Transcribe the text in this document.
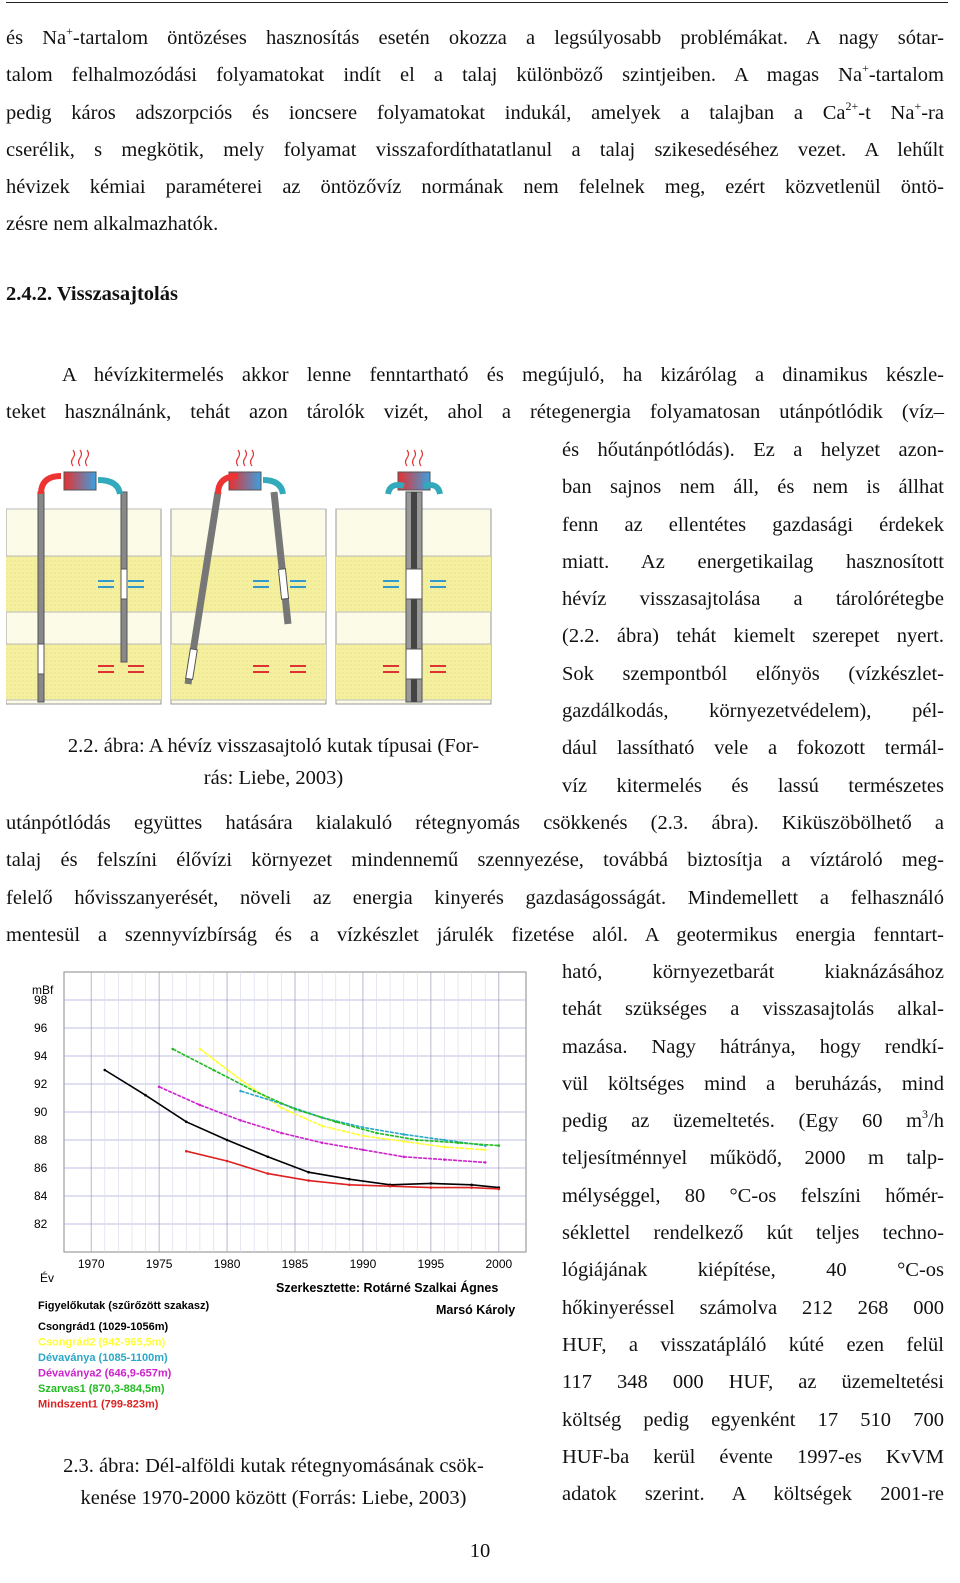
és Na+-tartalom öntözéses hasznosítás esetén okozza a legsúlyosabb problémákat. A nagy sótar-
talom felhalmozódási folyamatokat indít el a talaj különböző szintjeiben. A magas Na+-tartalom
pedig káros adszorpciós és ioncsere folyamatokat indukál, amelyek a talajban a $Ca^{2+}-t$ Na+-ra
cserélik, s megkötik, mely folyamat visszafordíthatatlanul a talaj szikesedéséhez vezet. A lehűlt
hévizek kémiai paraméterei az öntözővíz normának nem felelnek meg, ezért közvetlenül öntö-
zésre nem alkalmazhatók.
2.4.2. Visszasajtolás
A hévízkitermelés akkor lenne fenntartható és megújuló, ha kizárólag a dinamikus készle-
teket használnánk, tehát azon tárolók vizét, ahol a rétegenergia folyamatosan utánpótlódik (víz–
és hőutánpótlódás). Ez a helyzet azon-
ban sajnos nem áll, és nem is állhat
fenn az ellentétes gazdasági érdekek
miatt. Az energetikailag hasznosított
hévíz visszasajtolása a tárolórétegbe
(2.2. ábra) tehát kiemelt szerepet nyert.
Sok szempontból előnyös (vízkészlet-
gazdálkodás, környezetvédelem), pél-
dául lassítható vele a fokozott termál-
víz kitermelés és lassú természetes
2.2. ábra: A hévíz visszasajtoló kutak típusai (For-
rás: Liebe, 2003)
utánpótlódás együttes hatására kialakuló rétegnyomás csökkenés (2.3. ábra). Kiküszöbölhető a
talaj és felszíni élővízi környezet mindennemű szennyezése, továbbá biztosítja a víztároló meg-
felelő hővisszanyerését, növeli az energia kinyerés gazdaságosságát. Mindemellett a felhasználó
mentesül a szennyvízbírság és a vízkészlet járulék fizetése alól. A geotermikus energia fenntart-
ható, környezetbarát kiaknázásához
tehát szükséges a visszasajtolás alkal-
mazása. Nagy hátránya, hogy rendkí-
vül költséges mind a beruházás, mind
pedig az üzemeltetés. (Egy 60 $m^3/h$
teljesítménnyel működő, 2000 m talp-
mélységgel, 80 °C-os felszíni hőmér-
séklettel rendelkező kút teljes techno-
lógiájának kiépítése, 40 °C-os
hőkinyeréssel számolva 212 268 000
HUF, a visszatápláló kúté ezen felül
117 348 000 HUF, az üzemeltetési
költség pedig egyenként 17 510 700
HUF-ba kerül évente 1997-es KvVM
adatok szerint. A költségek 2001-re
mBf
98
96
94
92
90
88
86
84
82
1970	1975	1980	1985	1990	1995	2000
Év
Figyelőkutak (szűrőzött szakasz)
Szerkesztette: Rotárné Szalkai Ágnes
Marsó Károly
Csongrád1 (1029-1056m)
Csongrád2 (942-965,5m)
Dévaványa (1085-1100m)
Dévaványa2 (646,9-657m)
Szarvas1 (870,3-884,5m)
Mindszent1 (799-823m)
2.3. ábra: Dél-alföldi kutak rétegnyomásának csök-
kenése 1970-2000 között (Forrás: Liebe, 2003)
10
